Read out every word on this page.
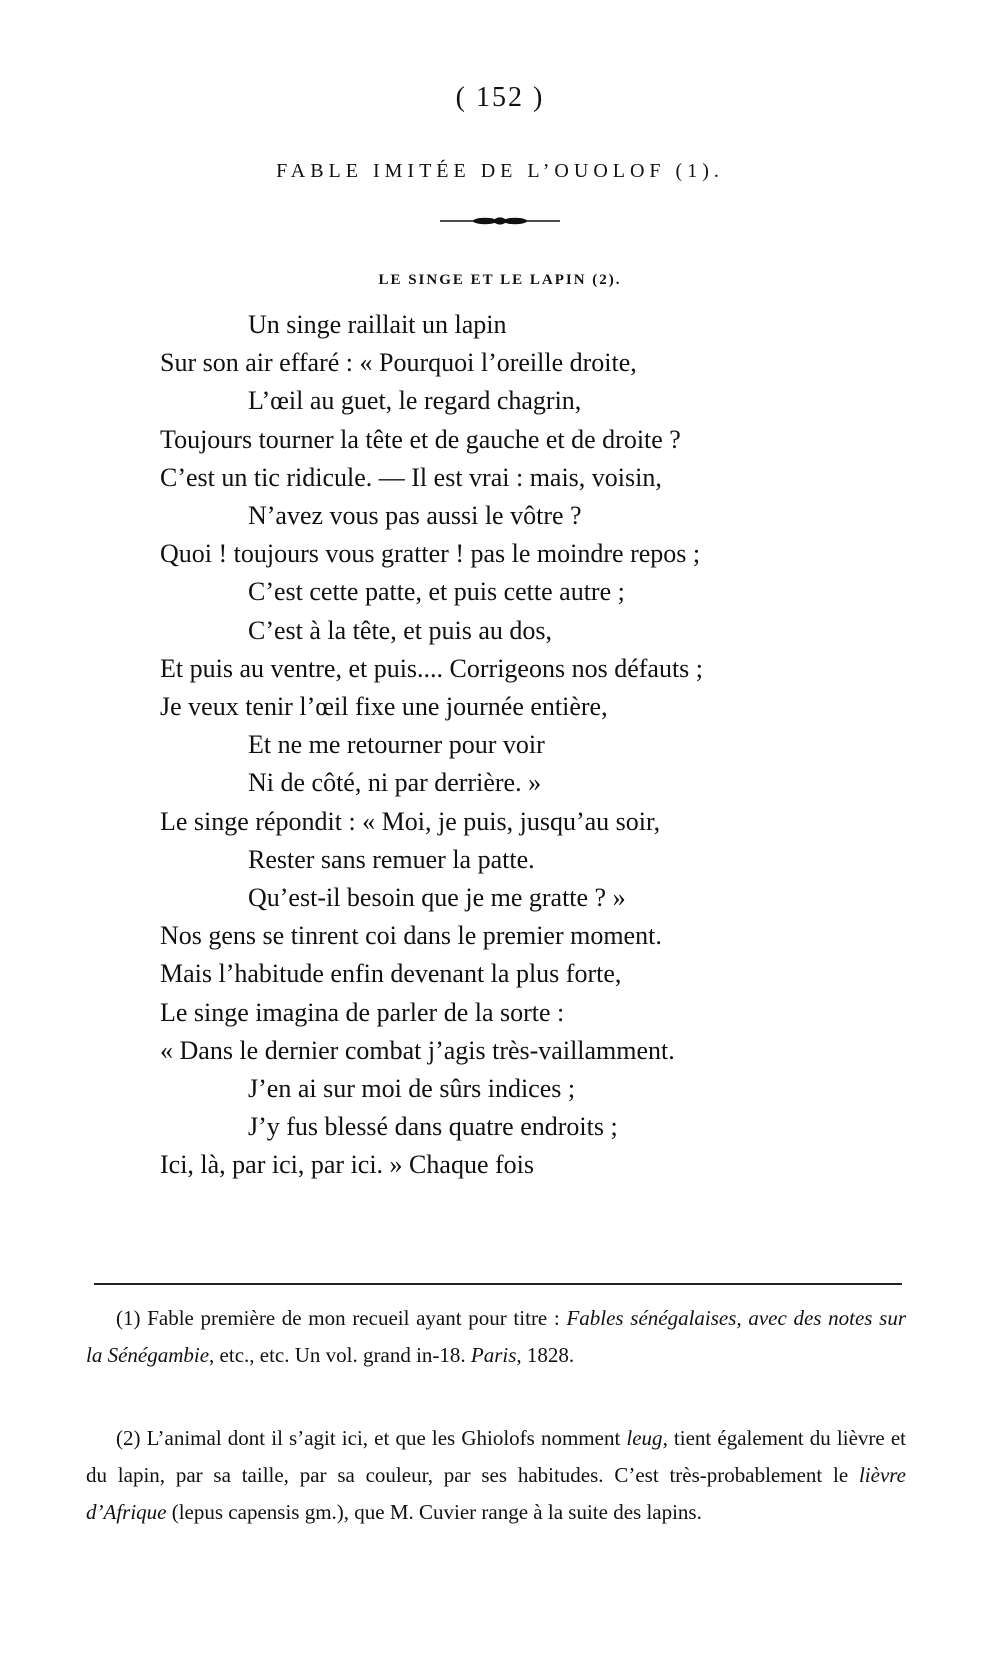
( 152 )
FABLE IMITÉE DE L’OUOLOF (1).
LE SINGE ET LE LAPIN (2).
Un singe raillait un lapin
Sur son air effaré : « Pourquoi l’oreille droite,
L’œil au guet, le regard chagrin,
Toujours tourner la tête et de gauche et de droite ?
C’est un tic ridicule. — Il est vrai : mais, voisin,
N’avez vous pas aussi le vôtre ?
Quoi ! toujours vous gratter ! pas le moindre repos ;
C’est cette patte, et puis cette autre ;
C’est à la tête, et puis au dos,
Et puis au ventre, et puis.... Corrigeons nos défauts ;
Je veux tenir l’œil fixe une journée entière,
Et ne me retourner pour voir
Ni de côté, ni par derrière. »
Le singe répondit : « Moi, je puis, jusqu’au soir,
Rester sans remuer la patte.
Qu’est-il besoin que je me gratte ? »
Nos gens se tinrent coi dans le premier moment.
Mais l’habitude enfin devenant la plus forte,
Le singe imagina de parler de la sorte :
« Dans le dernier combat j’agis très-vaillamment.
J’en ai sur moi de sûrs indices ;
J’y fus blessé dans quatre endroits ;
Ici, là, par ici, par ici. » Chaque fois
(1) Fable première de mon recueil ayant pour titre : Fables sénégalaises, avec des notes sur la Sénégambie, etc., etc. Un vol. grand in-18. Paris, 1828.
(2) L’animal dont il s’agit ici, et que les Ghiolofs nomment leug, tient également du lièvre et du lapin, par sa taille, par sa couleur, par ses habitudes. C’est très-probablement le lièvre d’Afrique (lepus capensis gm.), que M. Cuvier range à la suite des lapins.
